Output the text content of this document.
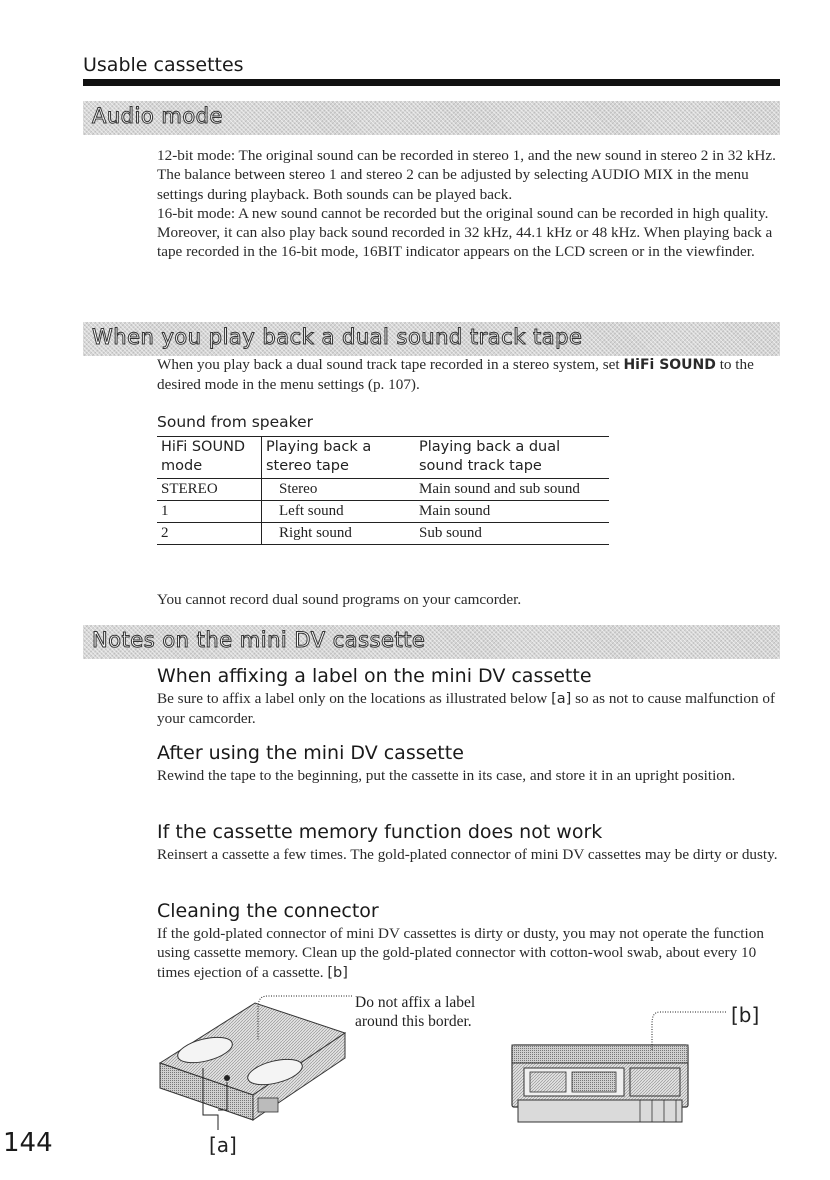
Usable cassettes
Audio mode

12-bit mode: The original sound can be recorded in stereo 1, and the new sound in stereo 2 in 32 kHz. The balance between stereo 1 and stereo 2 can be adjusted by selecting AUDIO MIX in the menu settings during playback. Both sounds can be played back.

16-bit mode: A new sound cannot be recorded but the original sound can be recorded in high quality. Moreover, it can also play back sound recorded in 32 kHz, 44.1 kHz or 48 kHz. When playing back a tape recorded in the 16-bit mode, 16BIT indicator appears on the LCD screen or in the viewfinder.

When you play back a dual sound track tape
When you play back a dual sound track tape recorded in a stereo system, set HiFi SOUND to the desired mode in the menu settings (p. 107).
Sound from speaker
HiFi SOUND mode	Playing back a stereo tape	Playing back a dual sound track tape
STEREO	Stereo	Main sound and sub sound
1	Left sound	Main sound
2	Right sound	Sub sound
You cannot record dual sound programs on your camcorder.
Notes on the mini DV cassette
When affixing a label on the mini DV cassette
Be sure to affix a label only on the locations as illustrated below [a] so as not to cause malfunction of your camcorder.
After using the mini DV cassette
Rewind the tape to the beginning, put the cassette in its case, and store it in an upright position.
If the cassette memory function does not work
Reinsert a cassette a few times. The gold-plated connector of mini DV cassettes may be dirty or dusty.
Cleaning the connector
If the gold-plated connector of mini DV cassettes is dirty or dusty, you may not operate the function using cassette memory. Clean up the gold-plated connector with cotton-wool swab, about every 10 times ejection of a cassette. [b]

Do not affix a label

around this border.

[a]
[b]
144
